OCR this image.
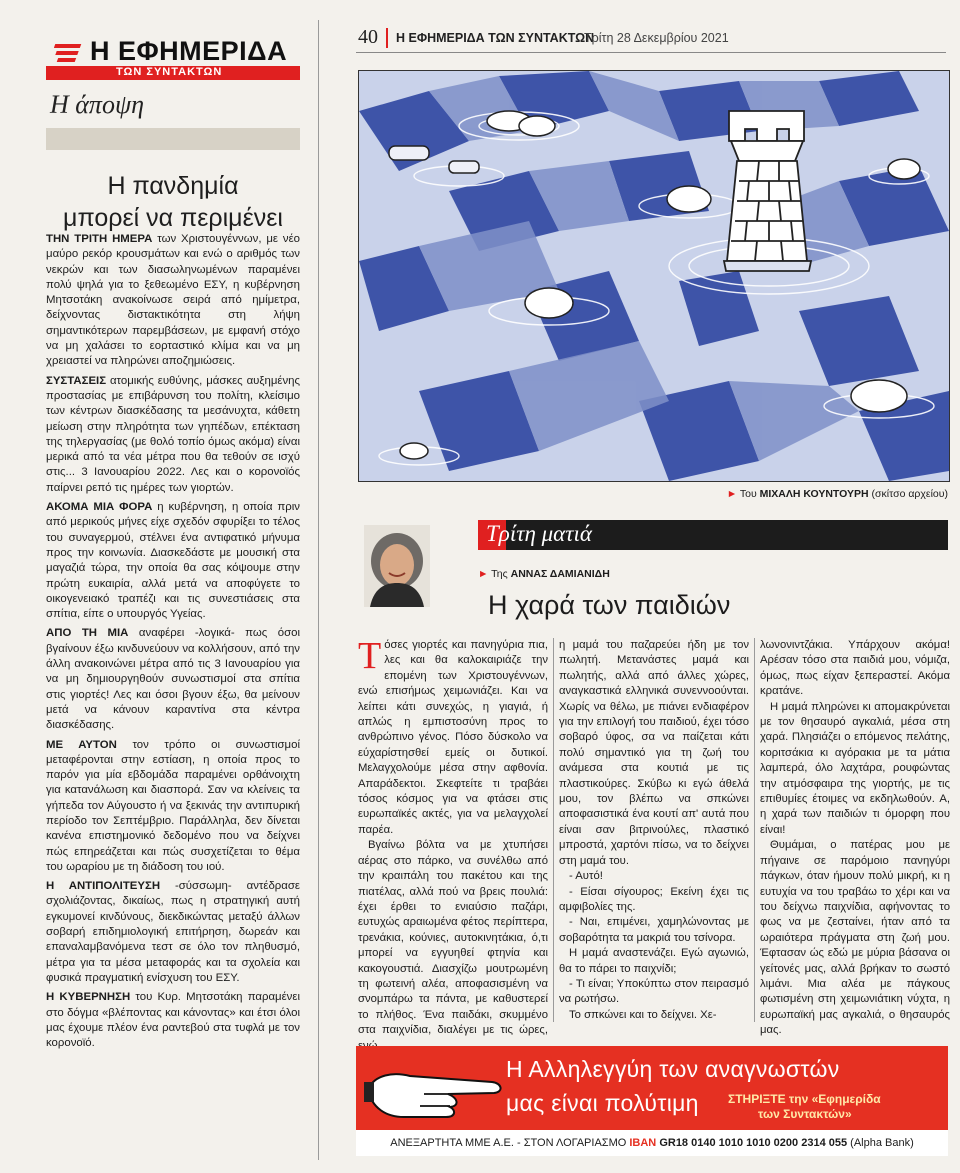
Η ΕΦΗΜΕΡΙΔΑ
ΤΩΝ ΣΥΝΤΑΚΤΩΝ
Η άποψη
Η πανδημία
μπορεί να περιμένει

ΤΗΝ ΤΡΙΤΗ ΗΜΕΡΑ των Χριστουγέννων, με νέο μαύρο ρεκόρ κρουσμάτων και ενώ ο αριθμός των νεκρών και των διασωληνωμένων παραμένει πολύ ψηλά για το ξεθεωμένο ΕΣΥ, η κυβέρνηση Μητσοτάκη ανακοίνωσε σειρά από ημίμετρα, δείχνοντας διστακτικότητα στη λήψη σημαντικότερων παρεμβάσεων, με εμφανή στόχο να μη χαλάσει το εορταστικό κλίμα και να μη χρειαστεί να πληρώνει αποζημιώσεις.

ΣΥΣΤΑΣΕΙΣ ατομικής ευθύνης, μάσκες αυξημένης προστασίας με επιβάρυνση του πολίτη, κλείσιμο των κέντρων διασκέδασης τα μεσάνυχτα, κάθετη μείωση στην πληρότητα των γηπέδων, επέκταση της τηλεργασίας (με θολό τοπίο όμως ακόμα) είναι μερικά από τα νέα μέτρα που θα τεθούν σε ισχύ στις... 3 Ιανουαρίου 2022. Λες και ο κορονοϊός παίρνει ρεπό τις ημέρες των γιορτών.

ΑΚΟΜΑ ΜΙΑ ΦΟΡΑ η κυβέρνηση, η οποία πριν από μερικούς μήνες είχε σχεδόν σφυρίξει το τέλος του συναγερμού, στέλνει ένα αντιφατικό μήνυμα προς την κοινωνία. Διασκεδάστε με μουσική στα μαγαζιά τώρα, την οποία θα σας κόψουμε στην πρώτη ευκαιρία, αλλά μετά να αποφύγετε το οικογενειακό τραπέζι και τις συνεστιάσεις στα σπίτια, είπε ο υπουργός Υγείας.

ΑΠΟ ΤΗ ΜΙΑ αναφέρει -λογικά- πως όσοι βγαίνουν έξω κινδυνεύουν να κολλήσουν, από την άλλη ανακοινώνει μέτρα από τις 3 Ιανουαρίου για να μη δημιουργηθούν συνωστισμοί στα σπίτια στις γιορτές! Λες και όσοι βγουν έξω, θα μείνουν μετά να κάνουν καραντίνα στα κέντρα διασκέδασης.

ΜΕ ΑΥΤΟΝ τον τρόπο οι συνωστισμοί μεταφέρονται στην εστίαση, η οποία προς το παρόν για μία εβδομάδα παραμένει ορθάνοιχτη για κατανάλωση και διασπορά. Σαν να κλείνεις τα γήπεδα τον Αύγουστο ή να ξεκινάς την αντιπυρική περίοδο τον Σεπτέμβριο. Παράλληλα, δεν δίνεται κανένα επιστημονικό δεδομένο που να δείχνει πώς επηρεάζεται και πώς συσχετίζεται το θέμα του ωραρίου με τη διάδοση του ιού.

Η ΑΝΤΙΠΟΛΙΤΕΥΣΗ -σύσσωμη- αντέδρασε σχολιάζοντας, δικαίως, πως η στρατηγική αυτή εγκυμονεί κινδύνους, διεκδικώντας μεταξύ άλλων σοβαρή επιδημιολογική επιτήρηση, δωρεάν και επαναλαμβανόμενα τεστ σε όλο τον πληθυσμό, μέτρα για τα μέσα μεταφοράς και τα σχολεία και φυσικά πραγματική ενίσχυση του ΕΣΥ.

Η ΚΥΒΕΡΝΗΣΗ του Κυρ. Μητσοτάκη παραμένει στο δόγμα «βλέποντας και κάνοντας» και έτσι όλοι μας έχουμε πλέον ένα ραντεβού στα τυφλά με τον κορονοϊό.

40 Η ΕΦΗΜΕΡΙΔΑ ΤΩΝ ΣΥΝΤΑΚΤΩΝ
Τρίτη 28 Δεκεμβρίου 2021
► Του ΜΙΧΑΛΗ ΚΟΥΝΤΟΥΡΗ (σκίτσο αρχείου)
Τρίτη ματιά
► Της ΑΝΝΑΣ ΔΑΜΙΑΝΙΔΗ
Η χαρά των παιδιών

Τόσες γιορτές και πανηγύρια πια, λες και θα καλοκαιριάζε την επομένη των Χριστουγέννων, ενώ επισήμως χειμωνιάζει. Και να λείπει κάτι συνεχώς, η γιαγιά, ή απλώς η εμπιστοσύνη προς το ανθρώπινο γένος. Πόσο δύσκολο να εύχαρίστησθεί εμείς οι δυτικοί. Μελαγχολούμε μέσα στην αφθονία. Απαράδεκτοι. Σκεφτείτε τι τραβάει τόσος κόσμος για να φτάσει στις ευρωπαϊκές ακτές, για να μελαγχολεί παρέα.

Βγαίνω βόλτα να με χτυπήσει αέρας στο πάρκο, να συνέλθω από την κραιπάλη του πακέτου και της πιατέλας, αλλά πού να βρεις πουλιά: έχει έρθει το ενιαύσιο παζάρι, ευτυχώς αραιωμένα φέτος περίπτερα, τρενάκια, κούνιες, αυτοκινητάκια, ό,τι μπορεί να εγγυηθεί φτηνία και κακογουστιά. Διασχίζω μουτρωμένη τη φωτεινή αλέα, αποφασισμένη να σνομπάρω τα πάντα, με καθυστερεί το πλήθος. Ένα παιδάκι, σκυμμένο στα παιχνίδια, διαλέγει με τις ώρες,

η μαμά του παζαρεύει ήδη με τον πωλητή. Μετανάστες μαμά και πωλητής, αλλά από άλλες χώρες, αναγκαστικά ελληνικά συνεννοούνται. Χωρίς να θέλω, με πιάνει ενδιαφέρον για την επιλογή του παιδιού, έχει τόσο σοβαρό ύφος, σα να παίζεται κάτι πολύ σημαντικό για τη ζωή του ανάμεσα στα κουτιά με τις πλαστικούρες. Σκύβω κι εγώ άθελά μου, τον βλέπω να σπκώνει αποφασιστικά ένα κουτί απ' αυτά που είναι σαν βιτρινούλες, πλαστικό μπροστά, χαρτόνι πίσω, να το δείχνει στη μαμά του.

- Αυτό!

- Είσαι σίγουρος; Εκείνη έχει τις αμφιβολίες της.

- Ναι, επιμένει, χαμηλώνοντας με σοβαρότητα τα μακριά του τσίνορα.

Η μαμά αναστενάζει. Εγώ αγωνιώ, θα το πάρει το παιχνίδι;

- Τι είναι; Υποκύπτω στον πειρασμό να ρωτήσω.

Το σπκώνει και το δείχνει. Χε-

λωνονιντζάκια. Υπάρχουν ακόμα! Αρέσαν τόσο στα παιδιά μου, νόμιζα, όμως, πως είχαν ξεπεραστεί. Ακόμα κρατάνε.

Η μαμά πληρώνει κι απομακρύνεται με τον θησαυρό αγκαλιά, μέσα στη χαρά. Πλησιάζει ο επόμενος πελάτης, κοριτσάκια κι αγόρακια με τα μάτια λαμπερά, όλο λαχτάρα, ρουφώντας την ατμόσφαιρα της γιορτής, με τις επιθυμίες έτοιμες να εκδηλωθούν. Α, η χαρά των παιδιών τι όμορφη που είναι!

Θυμάμαι, ο πατέρας μου με πήγαινε σε παρόμοιο πανηγύρι πάγκων, όταν ήμουν πολύ μικρή, κι η ευτυχία να του τραβάω το χέρι και να του δείχνω παιχνίδια, αφήνοντας το φως να με ζεσταίνει, ήταν από τα ωραιότερα πράγματα στη ζωή μου. Έφτασαν ώς εδώ με μύρια βάσανα οι γείτονές μας, αλλά βρήκαν το σωστό λιμάνι. Μια αλέα με πάγκους φωτισμένη στη χειμωνιάτικη νύχτα, η ευρωπαϊκή μας αγκαλιά, ο θησαυρός μας.

Η Αλληλεγγύη των αναγνωστών
μας είναι πολύτιμη ΣΤΗΡΙΞΤΕ την «Εφημερίδα
των Συντακτών»
ΑΝΕΞΑΡΤΗΤΑ ΜΜΕ Α.Ε. - ΣΤΟΝ ΛΟΓΑΡΙΑΣΜΟ IBAN GR18 0140 1010 1010 0200 2314 055 (Alpha Bank)
